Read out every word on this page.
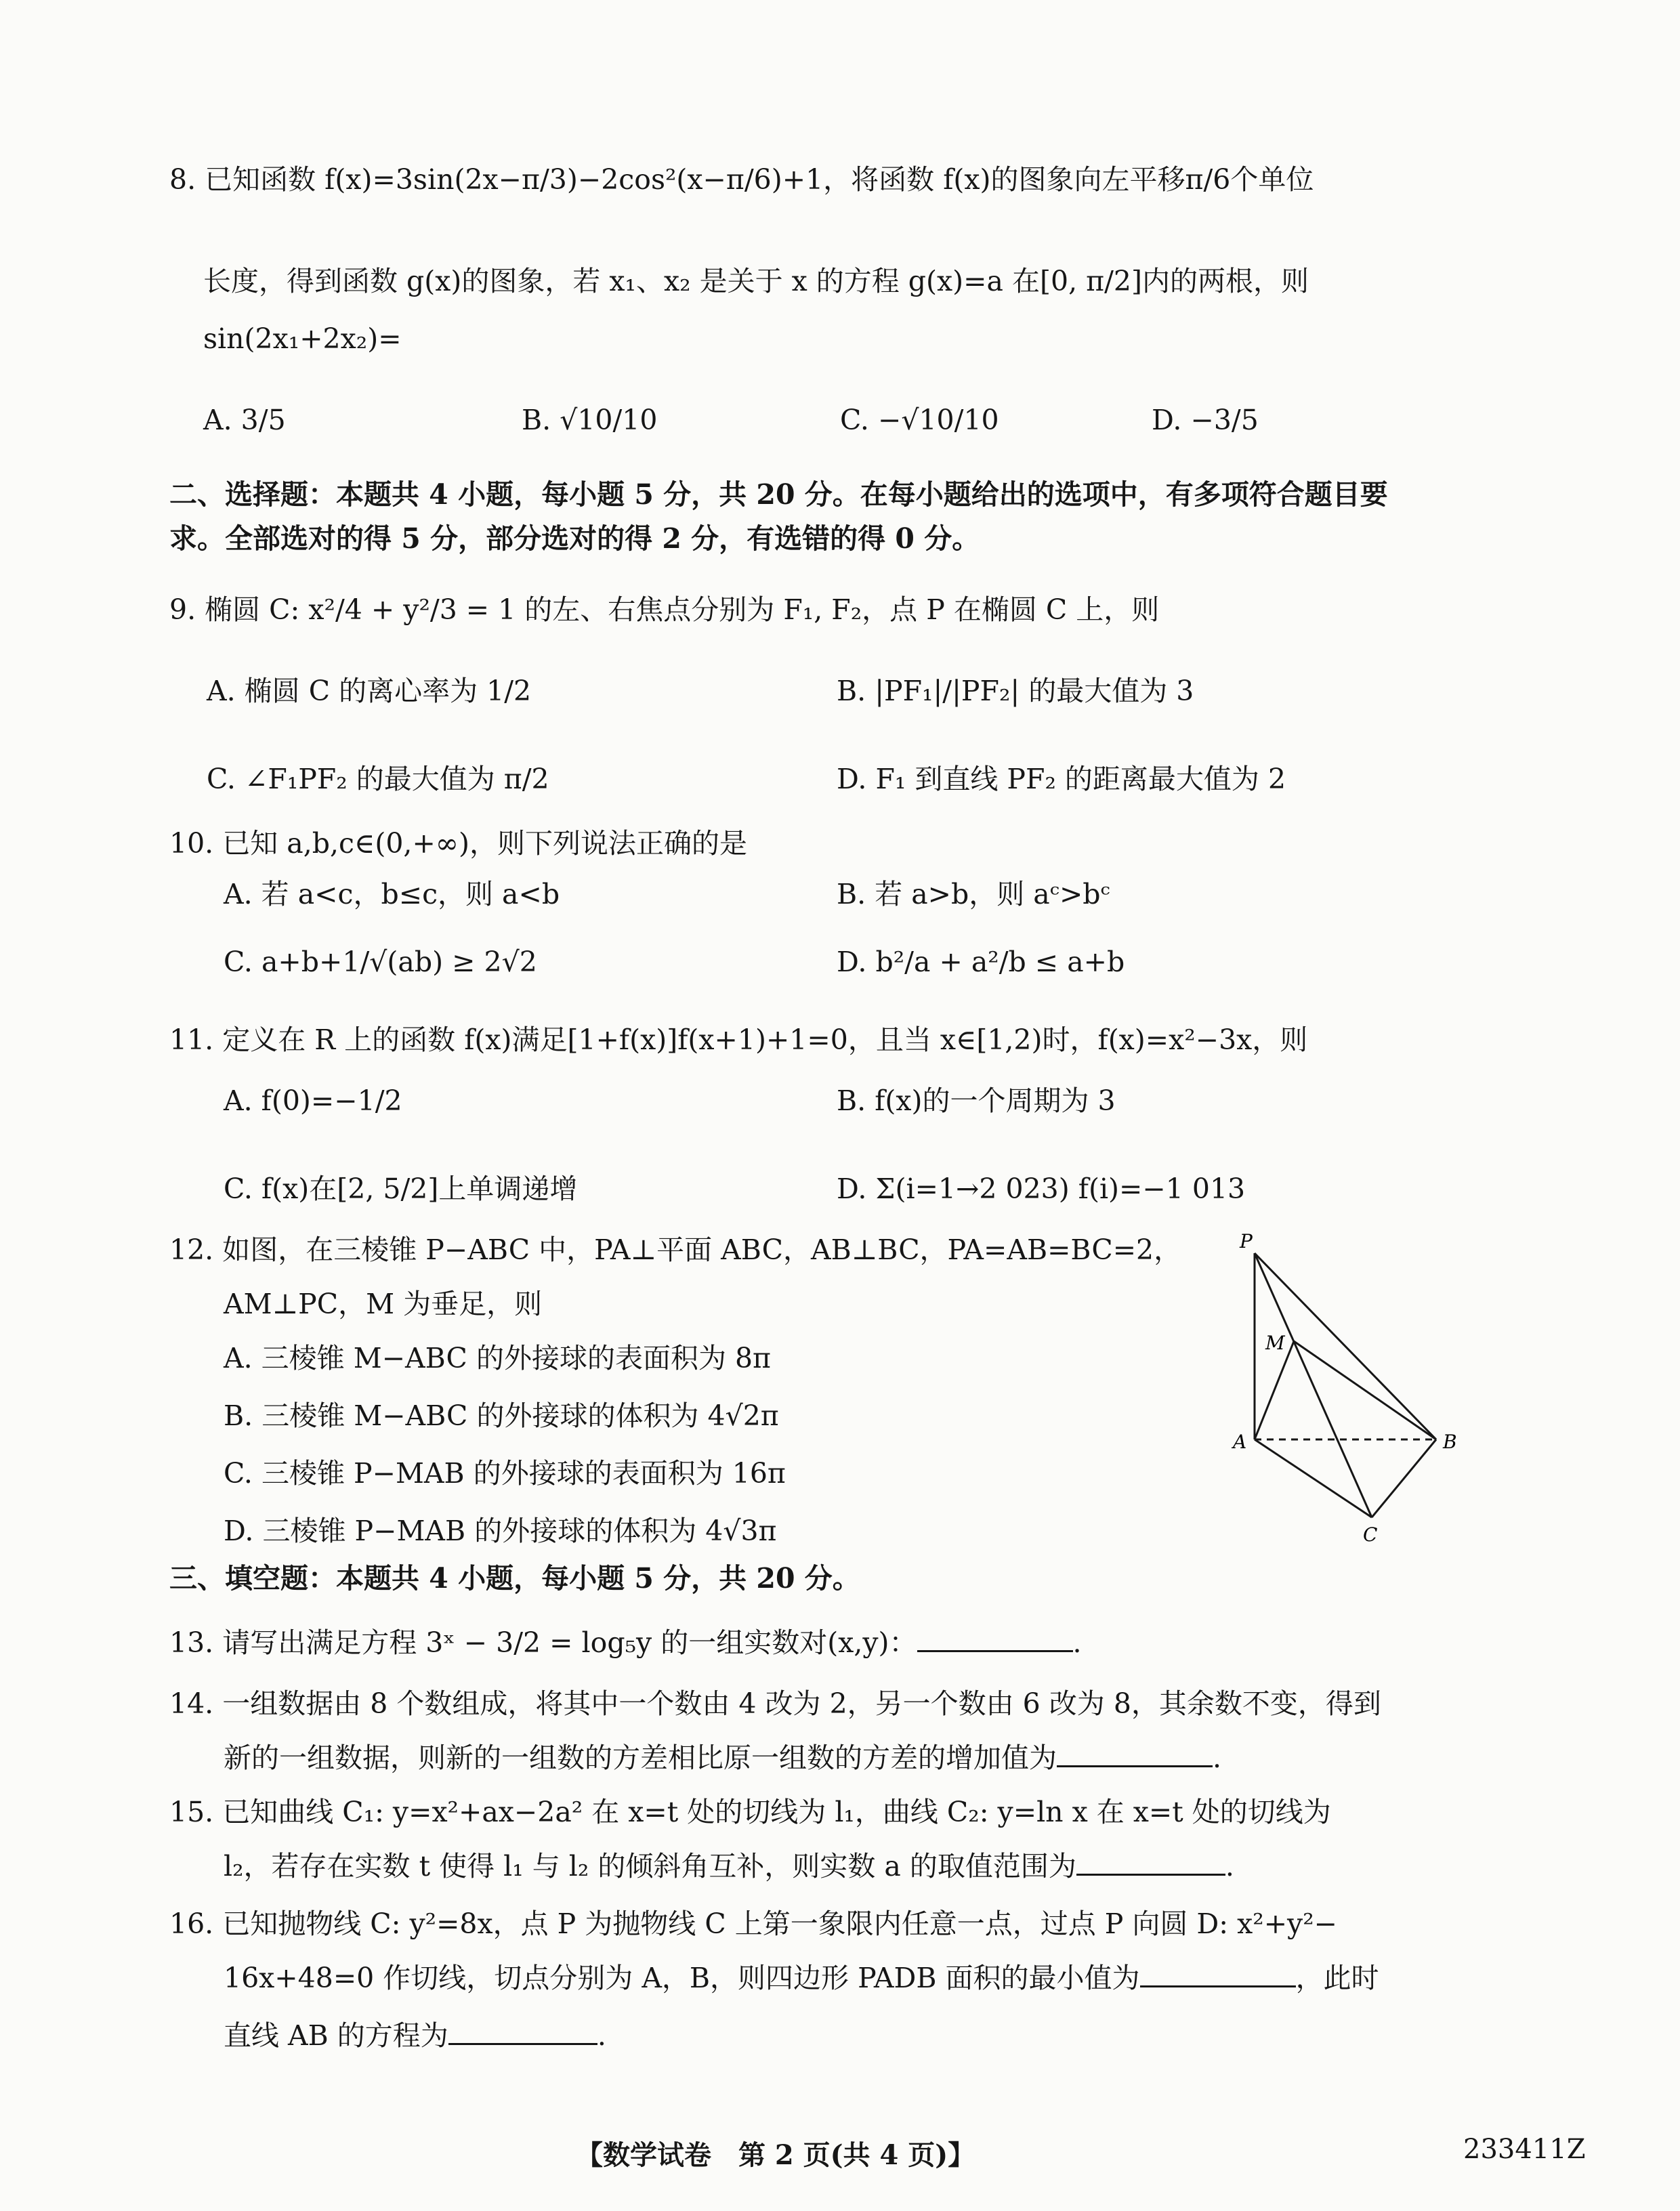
8. 已知函数 f(x)=3sin(2x−π/3)−2cos²(x−π/6)+1，将函数 f(x)的图象向左平移π/6个单位
长度，得到函数 g(x)的图象，若 x₁、x₂ 是关于 x 的方程 g(x)=a 在[0, π/2]内的两根，则
sin(2x₁+2x₂)=
A. 3/5	B. √10/10	C. −√10/10	D. −3/5
二、选择题：本题共 4 小题，每小题 5 分，共 20 分。在每小题给出的选项中，有多项符合题目要
求。全部选对的得 5 分，部分选对的得 2 分，有选错的得 0 分。
9. 椭圆 C: x²/4 + y²/3 = 1 的左、右焦点分别为 F₁, F₂，点 P 在椭圆 C 上，则
A. 椭圆 C 的离心率为 1/2	B. |PF₁|/|PF₂| 的最大值为 3
C. ∠F₁PF₂ 的最大值为 π/2	D. F₁ 到直线 PF₂ 的距离最大值为 2
10. 已知 a,b,c∈(0,+∞)，则下列说法正确的是
A. 若 a<c，b≤c，则 a<b	B. 若 a>b，则 aᶜ>bᶜ
C. a+b+1/√(ab) ≥ 2√2	D. b²/a + a²/b ≤ a+b
11. 定义在 R 上的函数 f(x)满足[1+f(x)]f(x+1)+1=0，且当 x∈[1,2)时，f(x)=x²−3x，则
A. f(0)=−1/2	B. f(x)的一个周期为 3
C. f(x)在[2, 5/2]上单调递增	D. Σ(i=1→2 023) f(i)=−1 013
12. 如图，在三棱锥 P−ABC 中，PA⊥平面 ABC，AB⊥BC，PA=AB=BC=2，
AM⊥PC，M 为垂足，则
A. 三棱锥 M−ABC 的外接球的表面积为 8π
B. 三棱锥 M−ABC 的外接球的体积为 4√2π
C. 三棱锥 P−MAB 的外接球的表面积为 16π
D. 三棱锥 P−MAB 的外接球的体积为 4√3π
P
M
A	B
C
三、填空题：本题共 4 小题，每小题 5 分，共 20 分。
13. 请写出满足方程 3ˣ − 3/2 = log₅y 的一组实数对(x,y)：	.
14. 一组数据由 8 个数组成，将其中一个数由 4 改为 2，另一个数由 6 改为 8，其余数不变，得到
新的一组数据，则新的一组数的方差相比原一组数的方差的增加值为	.
15. 已知曲线 C₁: y=x²+ax−2a² 在 x=t 处的切线为 l₁，曲线 C₂: y=ln x 在 x=t 处的切线为
l₂，若存在实数 t 使得 l₁ 与 l₂ 的倾斜角互补，则实数 a 的取值范围为	.
16. 已知抛物线 C: y²=8x，点 P 为抛物线 C 上第一象限内任意一点，过点 P 向圆 D: x²+y²−
16x+48=0 作切线，切点分别为 A，B，则四边形 PADB 面积的最小值为	，此时
直线 AB 的方程为	.
【数学试卷　第 2 页(共 4 页)】	233411Z
